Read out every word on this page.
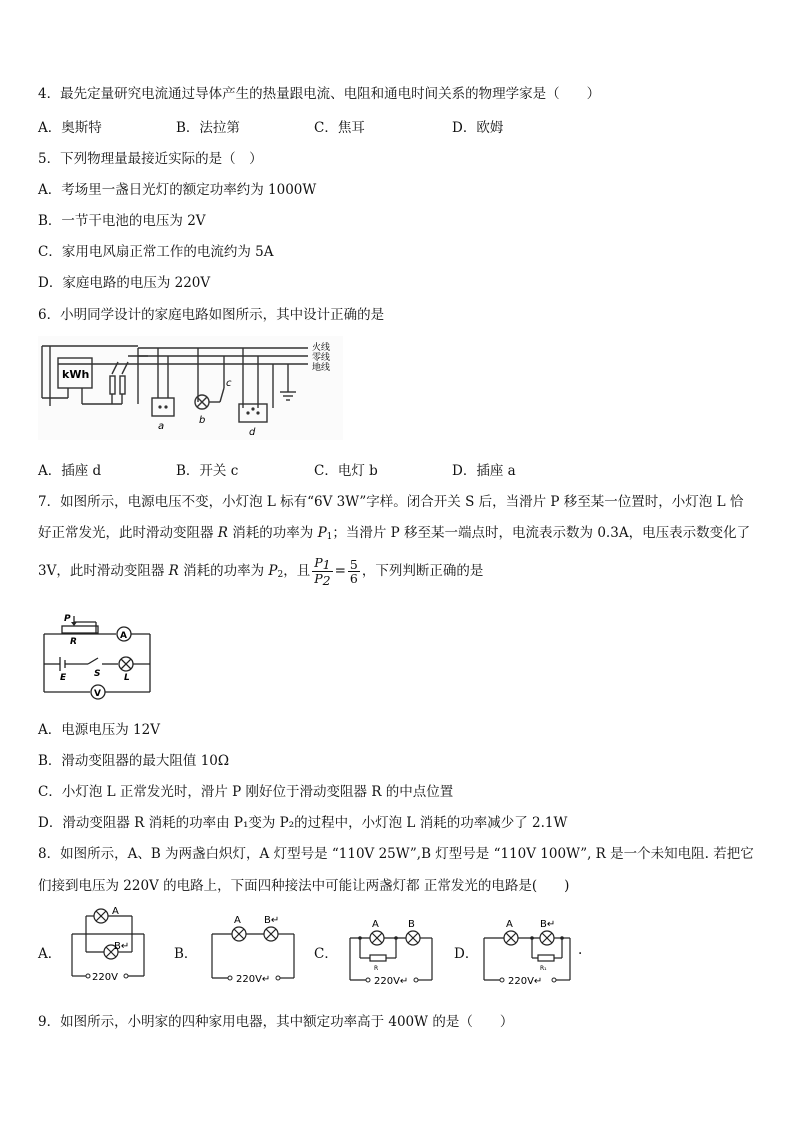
4．最先定量研究电流通过导体产生的热量跟电流、电阻和通电时间关系的物理学家是（　　）
A．奥斯特	B．法拉第	C．焦耳	D．欧姆
5．下列物理量最接近实际的是（　）
A．考场里一盏日光灯的额定功率约为 1000W
B．一节干电池的电压为 2V
C．家用电风扇正常工作的电流约为 5A
D．家庭电路的电压为 220V
6．小明同学设计的家庭电路如图所示，其中设计正确的是
kWh
火线
零线
地线
a
b
c
d
A．插座 d	B．开关 c	C．电灯 b	D．插座 a
7．如图所示，电源电压不变，小灯泡 L 标有“6V 3W”字样。闭合开关 S 后，当滑片 P 移至某一位置时，小灯泡 L 恰
好正常发光，此时滑动变阻器 R 消耗的功率为 $P_1$；当滑片 P 移至某一端点时，电流表示数为 0.3A，电压表示数变化了
3V，此时滑动变阻器 R 消耗的功率为 $P_2$，且 $\frac{P1}{P2} = \frac{5}{6}$ ，下列判断正确的是
P
R
A
E	S	L
V
A．电源电压为 12V
B．滑动变阻器的最大阻值 10Ω
C．小灯泡 L 正常发光时，滑片 P 刚好位于滑动变阻器 R 的中点位置
D．滑动变阻器 R 消耗的功率由 P₁变为 P₂的过程中，小灯泡 L 消耗的功率减少了 2.1W
8．如图所示，A、B 为两盏白炽灯，A 灯型号是 “110V 25W”,B 灯型号是 “110V 100W”, R 是一个未知电阻. 若把它
们接到电压为 220V 的电路上，下面四种接法中可能让两盏灯都 正常发光的电路是(　　)
A．
A
B↵
220V
B．
A B↵
220V↵
C．
A	B
R
220V↵
D．
A	B↵
R₁
220V↵
.
9．如图所示，小明家的四种家用电器，其中额定功率高于 400W 的是（　　）
